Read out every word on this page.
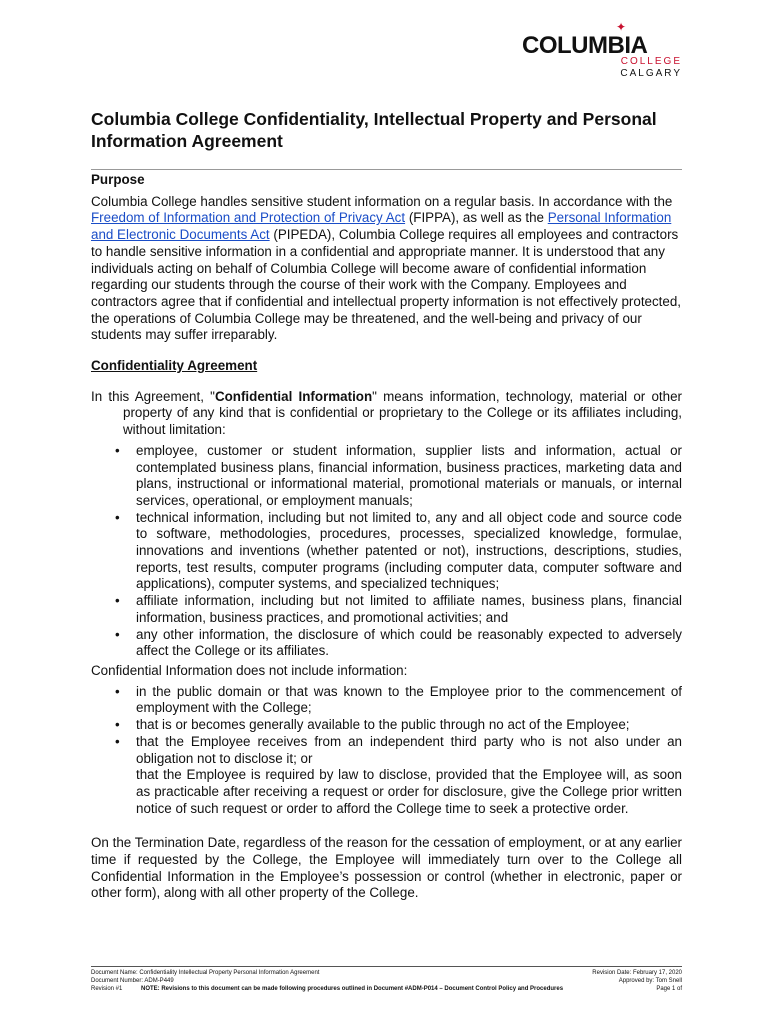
COLUMBIA
✦
COLLEGE
CALGARY
Columbia College Confidentiality, Intellectual Property and Personal Information Agreement

Purpose

Columbia College handles sensitive student information on a regular basis. In accordance with the Freedom of Information and Protection of Privacy Act (FIPPA), as well as the Personal Information and Electronic Documents Act (PIPEDA), Columbia College requires all employees and contractors to handle sensitive information in a confidential and appropriate manner. It is understood that any individuals acting on behalf of Columbia College will become aware of confidential information regarding our students through the course of their work with the Company. Employees and contractors agree that if confidential and intellectual property information is not effectively protected, the operations of Columbia College may be threatened, and the well-being and privacy of our students may suffer irreparably.

Confidentiality Agreement

In this Agreement, "Confidential Information" means information, technology, material or other property of any kind that is confidential or proprietary to the College or its affiliates including, without limitation:

• employee, customer or student information, supplier lists and information, actual or contemplated business plans, financial information, business practices, marketing data and plans, instructional or informational material, promotional materials or manuals, or internal services, operational, or employment manuals;
• technical information, including but not limited to, any and all object code and source code to software, methodologies, procedures, processes, specialized knowledge, formulae, innovations and inventions (whether patented or not), instructions, descriptions, studies, reports, test results, computer programs (including computer data, computer software and applications), computer systems, and specialized techniques;
• affiliate information, including but not limited to affiliate names, business plans, financial information, business practices, and promotional activities; and
• any other information, the disclosure of which could be reasonably expected to adversely affect the College or its affiliates.

Confidential Information does not include information:

• in the public domain or that was known to the Employee prior to the commencement of employment with the College;
• that is or becomes generally available to the public through no act of the Employee;
• that the Employee receives from an independent third party who is not also under an obligation not to disclose it; or

that the Employee is required by law to disclose, provided that the Employee will, as soon as practicable after receiving a request or order for disclosure, give the College prior written notice of such request or order to afford the College time to seek a protective order.

On the Termination Date, regardless of the reason for the cessation of employment, or at any earlier time if requested by the College, the Employee will immediately turn over to the College all Confidential Information in the Employee’s possession or control (whether in electronic, paper or other form), along with all other property of the College.

Document Name: Confidentiality Intellectual Property Personal Information Agreement	Revision Date: February 17, 2020
Document Number: ADM-P449	Approved by: Tom Snell
Revision #1	NOTE: Revisions to this document can be made following procedures outlined in Document #ADM-P014 – Document Control Policy and Procedures	Page 1 of
